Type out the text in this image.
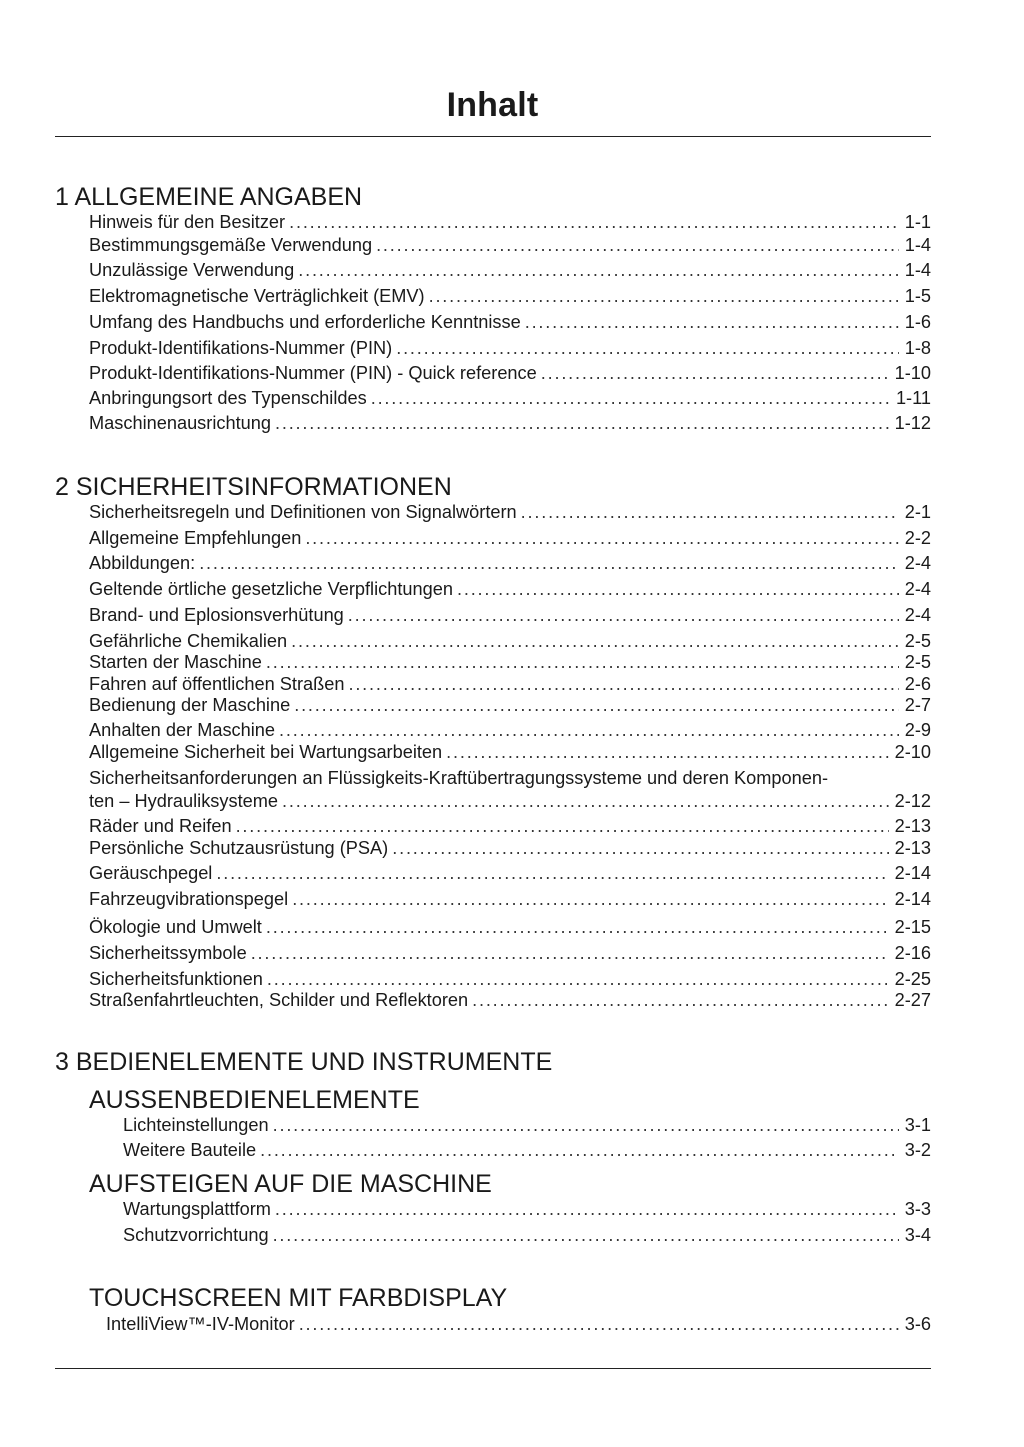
Inhalt
1 ALLGEMEINE ANGABEN
Hinweis für den Besitzer .....	1-1
Bestimmungsgemäße Verwendung .....	1-4
Unzulässige Verwendung .....	1-4
Elektromagnetische Verträglichkeit (EMV) .....	1-5
Umfang des Handbuchs und erforderliche Kenntnisse .....	1-6
Produkt-Identifikations-Nummer (PIN) .....	1-8
Produkt-Identifikations-Nummer (PIN) - Quick reference .....	1-10
Anbringungsort des Typenschildes .....	1-11
Maschinenausrichtung .....	1-12
2 SICHERHEITSINFORMATIONEN
Sicherheitsregeln und Definitionen von Signalwörtern .....	2-1
Allgemeine Empfehlungen .....	2-2
Abbildungen: .....	2-4
Geltende örtliche gesetzliche Verpflichtungen .....	2-4
Brand- und Eplosionsverhütung .....	2-4
Gefährliche Chemikalien .....	2-5
Starten der Maschine .....	2-5
Fahren auf öffentlichen Straßen .....	2-6
Bedienung der Maschine .....	2-7
Anhalten der Maschine .....	2-9
Allgemeine Sicherheit bei Wartungsarbeiten .....	2-10
Sicherheitsanforderungen an Flüssigkeits-Kraftübertragungssysteme und deren Komponen-
ten – Hydrauliksysteme .....	2-12
Räder und Reifen .....	2-13
Persönliche Schutzausrüstung (PSA) .....	2-13
Geräuschpegel .....	2-14
Fahrzeugvibrationspegel .....	2-14
Ökologie und Umwelt .....	2-15
Sicherheitssymbole .....	2-16
Sicherheitsfunktionen .....	2-25
Straßenfahrtleuchten, Schilder und Reflektoren .....	2-27
3 BEDIENELEMENTE UND INSTRUMENTE
AUSSENBEDIENELEMENTE
Lichteinstellungen .....	3-1
Weitere Bauteile .....	3-2
AUFSTEIGEN AUF DIE MASCHINE
Wartungsplattform .....	3-3
Schutzvorrichtung .....	3-4
TOUCHSCREEN MIT FARBDISPLAY
IntelliView™-IV-Monitor .....	3-6
